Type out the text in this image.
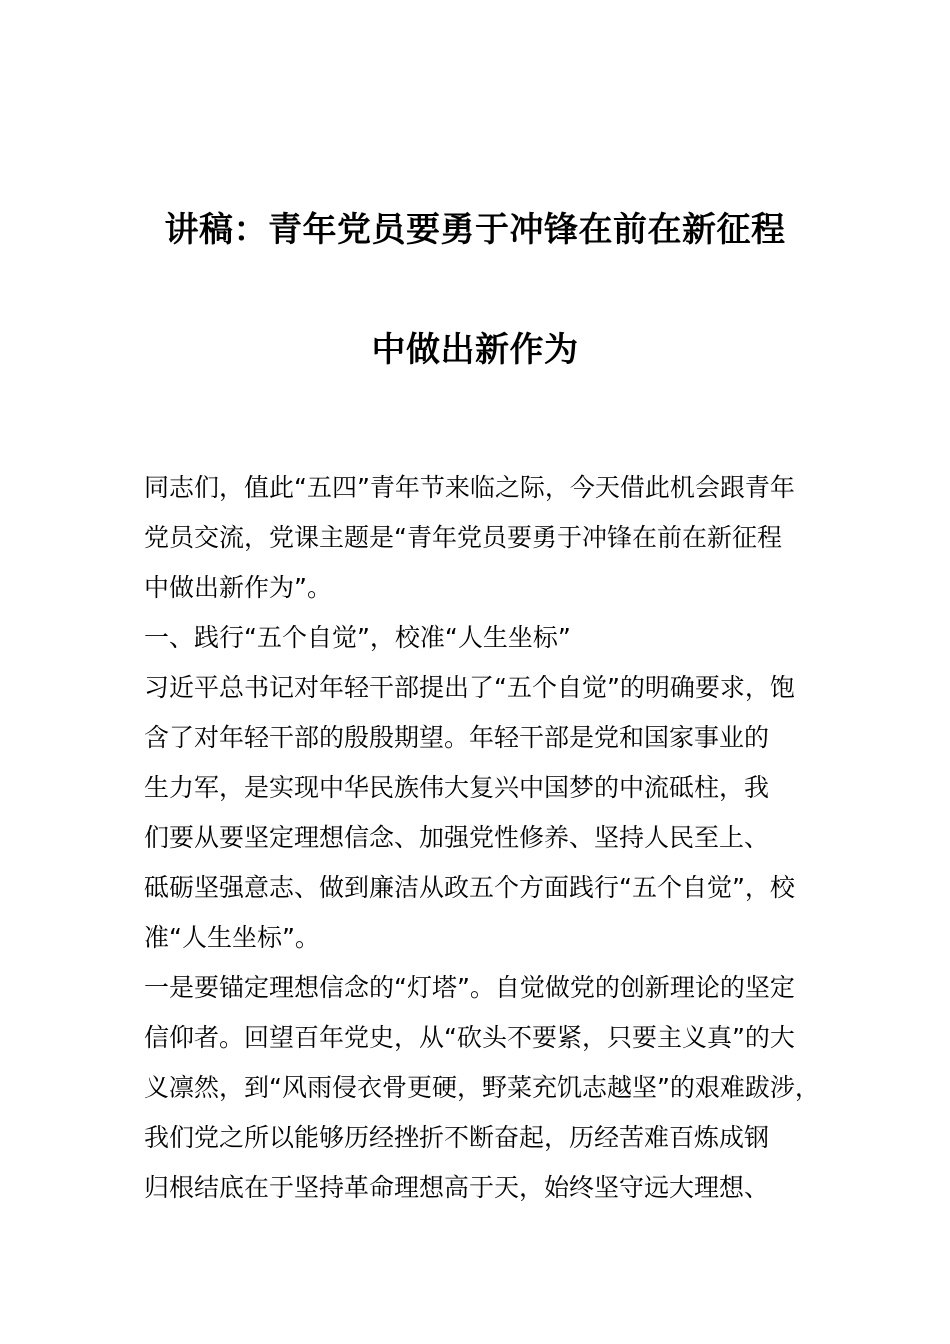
讲稿：青年党员要勇于冲锋在前在新征程
中做出新作为
同志们，值此“五四”青年节来临之际，今天借此机会跟青年
党员交流，党课主题是“青年党员要勇于冲锋在前在新征程
中做出新作为”。
一、践行“五个自觉”，校准“人生坐标”
习近平总书记对年轻干部提出了“五个自觉”的明确要求，饱
含了对年轻干部的殷殷期望。年轻干部是党和国家事业的
生力军，是实现中华民族伟大复兴中国梦的中流砥柱，我
们要从要坚定理想信念、加强党性修养、坚持人民至上、
砥砺坚强意志、做到廉洁从政五个方面践行“五个自觉”，校
准“人生坐标”。
一是要锚定理想信念的“灯塔”。自觉做党的创新理论的坚定
信仰者。回望百年党史，从“砍头不要紧，只要主义真”的大
义凛然，到“风雨侵衣骨更硬，野菜充饥志越坚”的艰难跋涉，
我们党之所以能够历经挫折不断奋起，历经苦难百炼成钢
归根结底在于坚持革命理想高于天，始终坚守远大理想、
